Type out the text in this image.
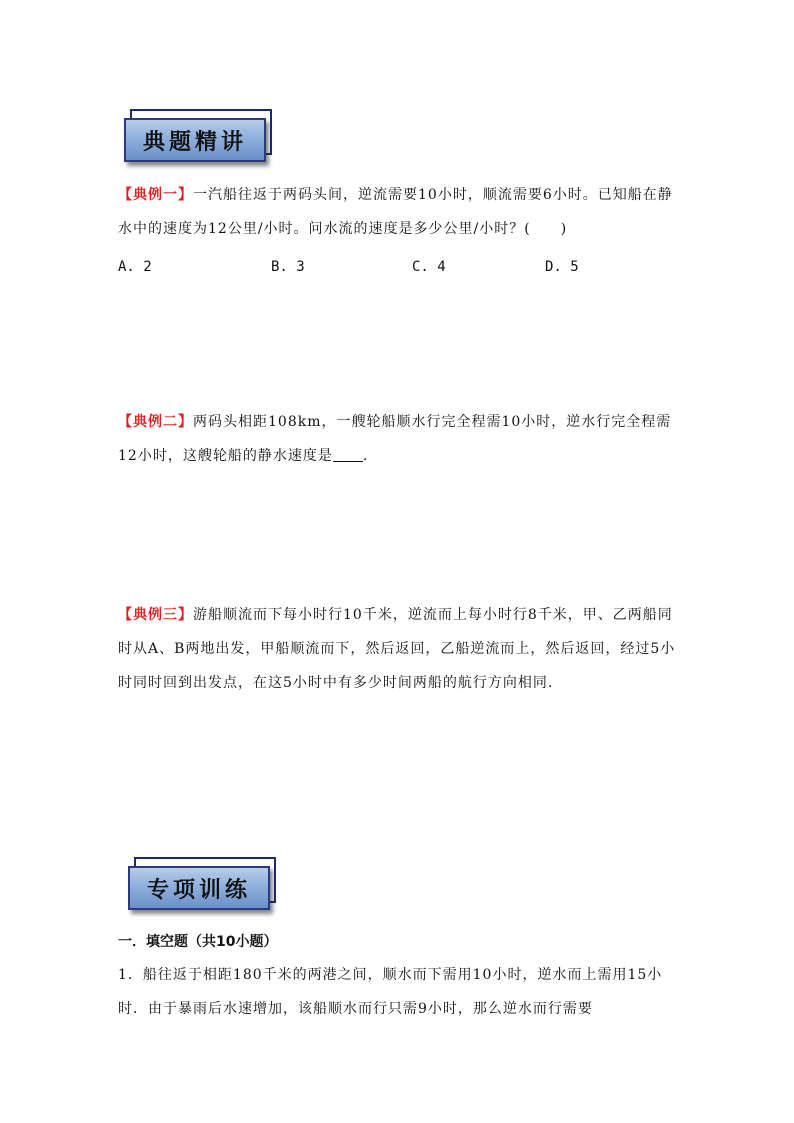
典题精讲
【典例一】一汽船往返于两码头间，逆流需要10小时，顺流需要6小时。已知船在静水中的速度为12公里/小时。问水流的速度是多少公里/小时？(　　)
A. 2	B. 3	C. 4	D. 5
【典例二】两码头相距108km，一艘轮船顺水行完全程需10小时，逆水行完全程需12小时，这艘轮船的静水速度是 .
【典例三】游船顺流而下每小时行10千米，逆流而上每小时行8千米，甲、乙两船同时从A、B两地出发，甲船顺流而下，然后返回，乙船逆流而上，然后返回，经过5小时同时回到出发点，在这5小时中有多少时间两船的航行方向相同.
专项训练
一．填空题（共10小题）
1．船往返于相距180千米的两港之间，顺水而下需用10小时，逆水而上需用15小时．由于暴雨后水速增加，该船顺水而行只需9小时，那么逆水而行需要
